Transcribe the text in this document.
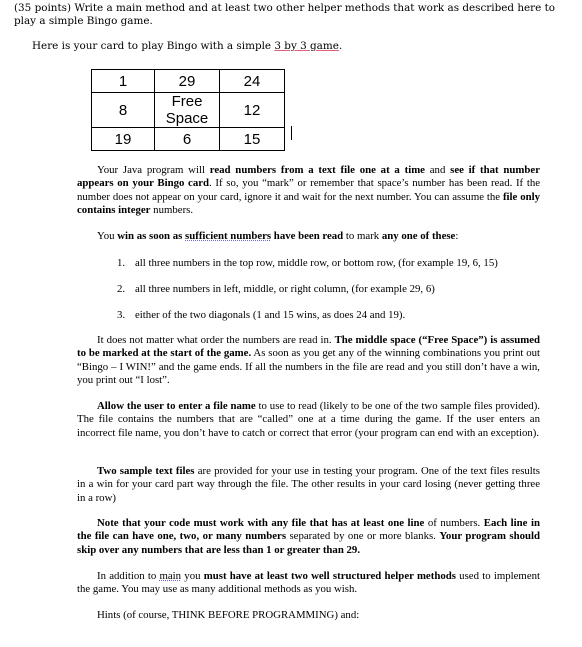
(35 points) Write a main method and at least two other helper methods that work as described here to
play a simple Bingo game.
Here is your card to play Bingo with a simple 3 by 3 game.
1	29	24
8	Free Space	12
19	6	15

Your Java program will read numbers from a text file one at a time and see if that number appears on your Bingo card. If so, you “mark” or remember that space’s number has been read. If the number does not appear on your card, ignore it and wait for the next number. You can assume the file only contains integer numbers.

You win as soon as sufficient numbers have been read to mark any one of these:

1. all three numbers in the top row, middle row, or bottom row, (for example 19, 6, 15)
2. all three numbers in left, middle, or right column, (for example 29, 6)
3. either of the two diagonals (1 and 15 wins, as does 24 and 19).

It does not matter what order the numbers are read in. The middle space (“Free Space”) is assumed to be marked at the start of the game. As soon as you get any of the winning combinations you print out “Bingo – I WIN!” and the game ends. If all the numbers in the file are read and you still don’t have a win, you print out “I lost”.

Allow the user to enter a file name to use to read (likely to be one of the two sample files provided). The file contains the numbers that are “called” one at a time during the game. If the user enters an incorrect file name, you don’t have to catch or correct that error (your program can end with an exception).

Two sample text files are provided for your use in testing your program. One of the text files results in a win for your card part way through the file. The other results in your card losing (never getting three in a row)

Note that your code must work with any file that has at least one line of numbers. Each line in the file can have one, two, or many numbers separated by one or more blanks. Your program should skip over any numbers that are less than 1 or greater than 29.

In addition to main you must have at least two well structured helper methods used to implement the game. You may use as many additional methods as you wish.

Hints (of course, THINK BEFORE PROGRAMMING) and:
